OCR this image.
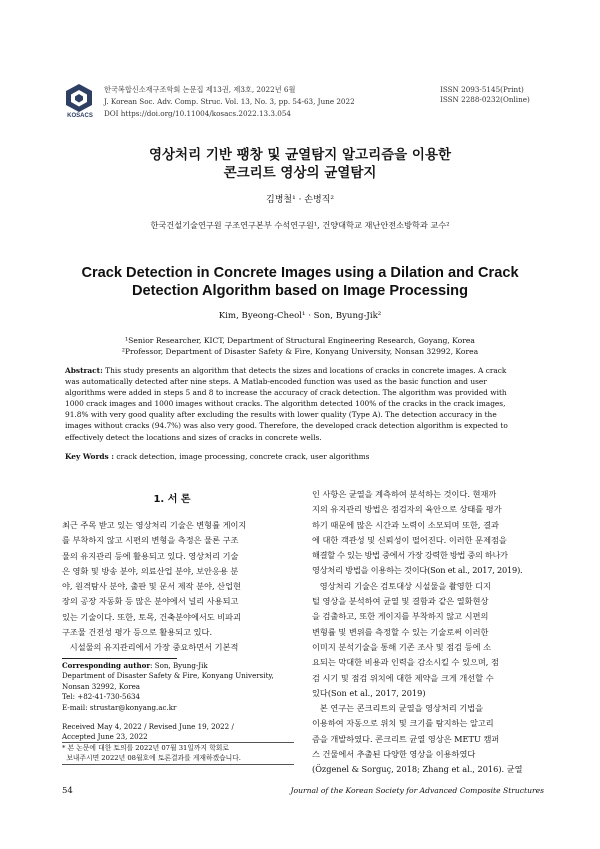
KOSACS
한국복합신소재구조학회 논문집 제13권, 제3호, 2022년 6월
J. Korean Soc. Adv. Comp. Struc. Vol. 13, No. 3, pp. 54-63, June 2022
DOI https://doi.org/10.11004/kosacs.2022.13.3.054
ISSN 2093-5145(Print)
ISSN 2288-0232(Online)
영상처리 기반 팽창 및 균열탐지 알고리즘을 이용한
콘크리트 영상의 균열탐지
김병철¹ · 손병직²
한국건설기술연구원 구조연구본부 수석연구원¹, 건양대학교 재난안전소방학과 교수²
Crack Detection in Concrete Images using a Dilation and Crack
Detection Algorithm based on Image Processing
Kim, Byeong-Cheol¹ · Son, Byung-Jik²
¹Senior Researcher, KICT, Department of Structural Engineering Research, Goyang, Korea
²Professor, Department of Disaster Safety & Fire, Konyang University, Nonsan 32992, Korea
Abstract: This study presents an algorithm that detects the sizes and locations of cracks in concrete images. A crack
was automatically detected after nine steps. A Matlab-encoded function was used as the basic function and user
algorithms were added in steps 5 and 8 to increase the accuracy of crack detection. The algorithm was provided with
1000 crack images and 1000 images without cracks. The algorithm detected 100% of the cracks in the crack images,
91.8% with very good quality after excluding the results with lower quality (Type A). The detection accuracy in the
images without cracks (94.7%) was also very good. Therefore, the developed crack detection algorithm is expected to
effectively detect the locations and sizes of cracks in concrete wells.
Key Words : crack detection, image processing, concrete crack, user algorithms
1. 서 론
최근 주목 받고 있는 영상처리 기술은 변형률 게이지
를 부착하지 않고 시편의 변형을 측정은 물론 구조
물의 유지관리 등에 활용되고 있다. 영상처리 기술
은 영화 및 방송 분야, 의료산업 분야, 보안응용 분
야, 원격탐사 분야, 출판 및 문서 제작 분야, 산업현
장의 공장 자동화 등 많은 분야에서 널리 사용되고
있는 기술이다. 또한, 토목, 건축분야에서도 비파괴
구조물 건전성 평가 등으로 활용되고 있다.
시설물의 유지관리에서 가장 중요하면서 기본적
Corresponding author: Son, Byung-Jik
Department of Disaster Safety & Fire, Konyang University,
Nonsan 32992, Korea
Tel: +82-41-730-5634
E-mail: strustar@konyang.ac.kr
Received May 4, 2022 / Revised June 19, 2022 /
Accepted June 23, 2022
* 본 논문에 대한 토의를 2022년 07월 31일까지 학회로
보내주시면 2022년 08월호에 토론결과를 게재하겠습니다.
인 사항은 균열을 계측하여 분석하는 것이다. 현재까
지의 유지관리 방법은 점검자의 육안으로 상태를 평가
하기 때문에 많은 시간과 노력이 소모되며 또한, 결과
에 대한 객관성 및 신뢰성이 떨어진다. 이러한 문제점을
해결할 수 있는 방법 중에서 가장 강력한 방법 중의 하나가
영상처리 방법을 이용하는 것이다(Son et al., 2017, 2019).
영상처리 기술은 검토대상 시설물을 촬영한 디지
털 영상을 분석하여 균열 및 결함과 같은 열화현상
을 검출하고, 또한 게이지를 부착하지 않고 시편의
변형률 및 변위를 측정할 수 있는 기술로써 이러한
이미지 분석기술을 통해 기존 조사 및 점검 등에 소
요되는 막대한 비용과 인력을 감소시킬 수 있으며, 점
검 시기 및 점검 위치에 대한 제약을 크게 개선할 수
있다(Son et al., 2017, 2019)
본 연구는 콘크리트의 균열을 영상처리 기법을
이용하여 자동으로 위치 및 크기를 탐지하는 알고리
즘을 개발하였다. 콘크리트 균열 영상은 METU 캠퍼
스 건물에서 추출된 다양한 영상을 이용하였다
(Özgenel & Sorguç, 2018; Zhang et al., 2016). 균열
54	Journal of the Korean Society for Advanced Composite Structures
